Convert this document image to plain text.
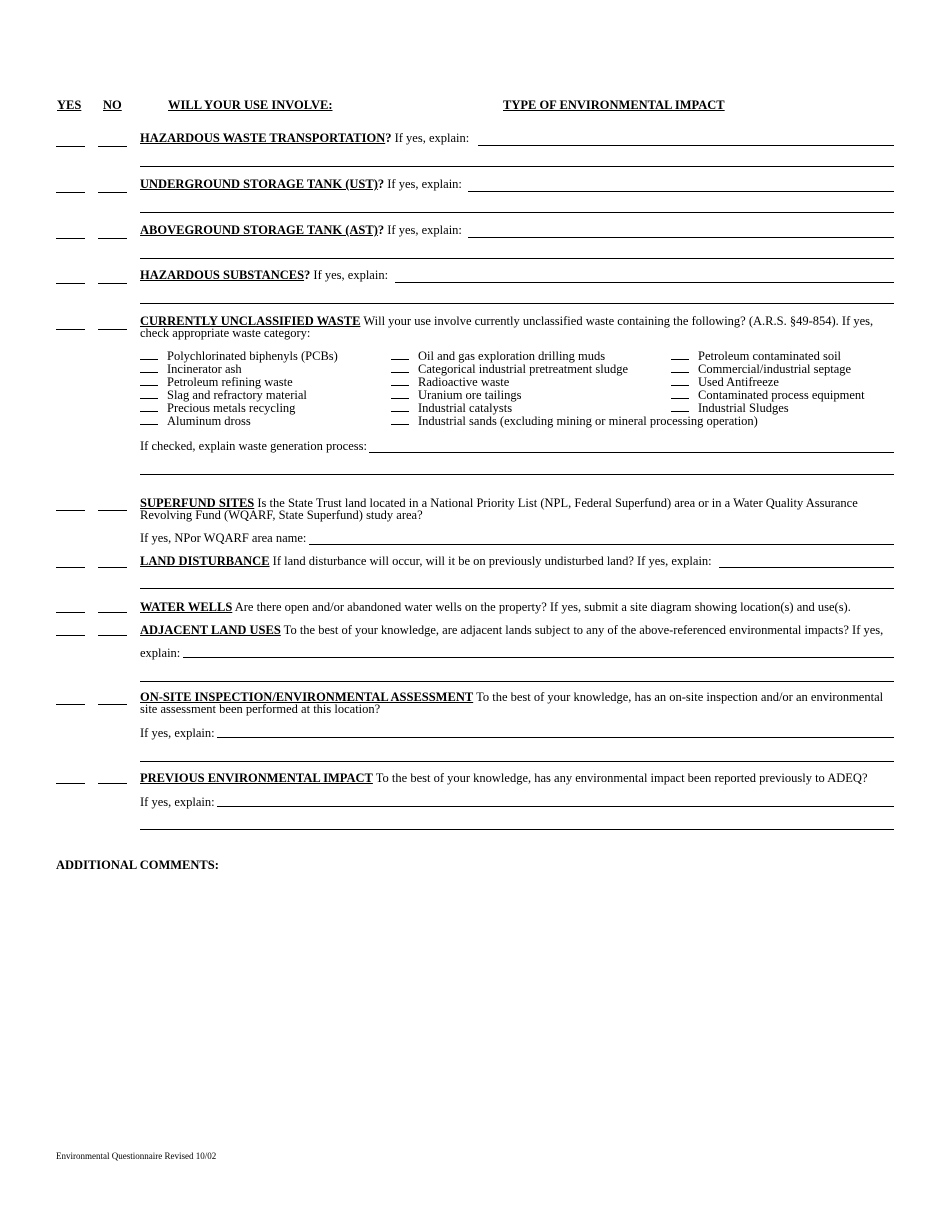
YES NO	WILL YOUR USE INVOLVE:	TYPE OF ENVIRONMENTAL IMPACT
HAZARDOUS WASTE TRANSPORTATION? If yes, explain:
UNDERGROUND STORAGE TANK (UST)? If yes, explain:
ABOVEGROUND STORAGE TANK (AST)? If yes, explain:
HAZARDOUS SUBSTANCES? If yes, explain:
CURRENTLY UNCLASSIFIED WASTE Will your use involve currently unclassified waste containing the following? (A.R.S. §49-854). If yes, check appropriate waste category:
Polychlorinated biphenyls (PCBs)
Incinerator ash
Petroleum refining waste
Slag and refractory material
Precious metals recycling
Aluminum dross
Oil and gas exploration drilling muds
Categorical industrial pretreatment sludge
Radioactive waste
Uranium ore tailings
Industrial catalysts
Industrial sands (excluding mining or mineral processing operation)
Petroleum contaminated soil
Commercial/industrial septage
Used Antifreeze
Contaminated process equipment
Industrial Sludges
If checked, explain waste generation process:
SUPERFUND SITES Is the State Trust land located in a National Priority List (NPL, Federal Superfund) area or in a Water Quality Assurance Revolving Fund (WQARF, State Superfund) study area?
If yes, NPor WQARF area name:
LAND DISTURBANCE If land disturbance will occur, will it be on previously undisturbed land? If yes, explain:
WATER WELLS Are there open and/or abandoned water wells on the property? If yes, submit a site diagram showing location(s) and use(s).
ADJACENT LAND USES To the best of your knowledge, are adjacent lands subject to any of the above-referenced environmental impacts? If yes,
explain:
ON-SITE INSPECTION/ENVIRONMENTAL ASSESSMENT To the best of your knowledge, has an on-site inspection and/or an environmental site assessment been performed at this location?
If yes, explain:
PREVIOUS ENVIRONMENTAL IMPACT To the best of your knowledge, has any environmental impact been reported previously to ADEQ?
If yes, explain:
ADDITIONAL COMMENTS:
Environmental Questionnaire Revised 10/02
